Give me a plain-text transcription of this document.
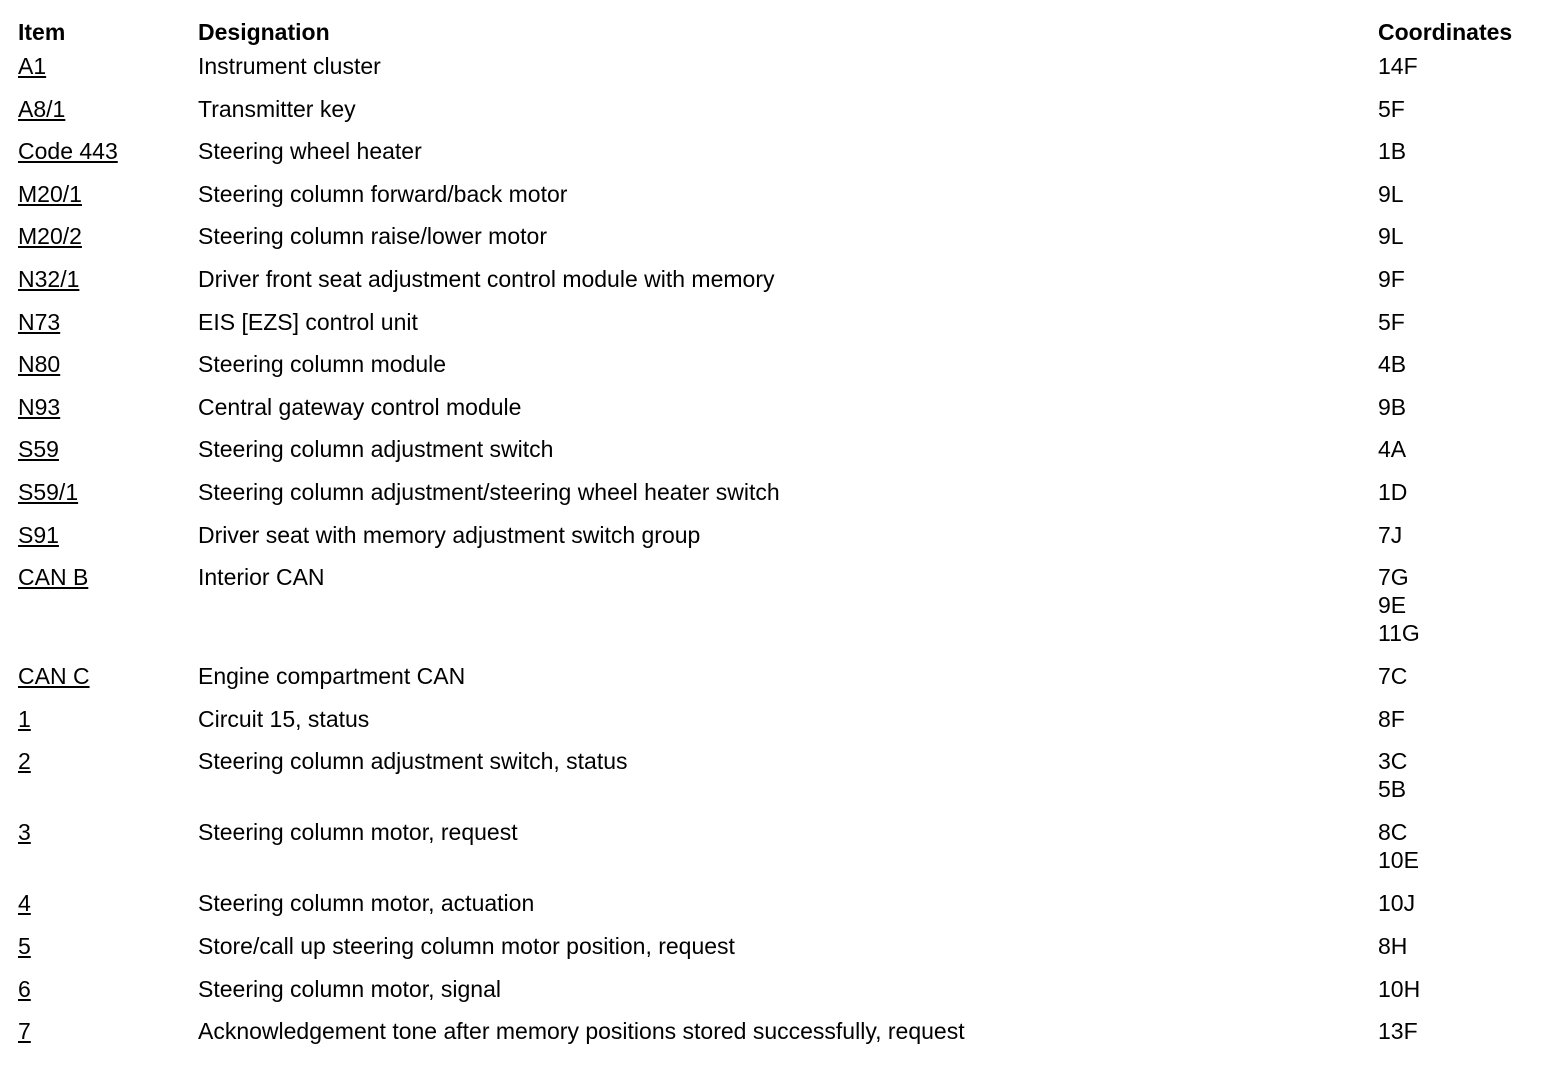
Item	Designation	Coordinates
A1	Instrument cluster	14F

A8/1	Transmitter key	5F

Code 443	Steering wheel heater	1B

M20/1	Steering column forward/back motor	9L

M20/2	Steering column raise/lower motor	9L

N32/1	Driver front seat adjustment control module with memory	9F

N73	EIS [EZS] control unit	5F

N80	Steering column module	4B

N93	Central gateway control module	9B

S59	Steering column adjustment switch	4A

S59/1	Steering column adjustment/steering wheel heater switch	1D

S91	Driver seat with memory adjustment switch group	7J

CAN B	Interior CAN	7G
9E
11G

CAN C	Engine compartment CAN	7C

1	Circuit 15, status	8F

2	Steering column adjustment switch, status	3C
5B

3	Steering column motor, request	8C
10E

4	Steering column motor, actuation	10J

5	Store/call up steering column motor position, request	8H

6	Steering column motor, signal	10H

7	Acknowledgement tone after memory positions stored successfully, request	13F
